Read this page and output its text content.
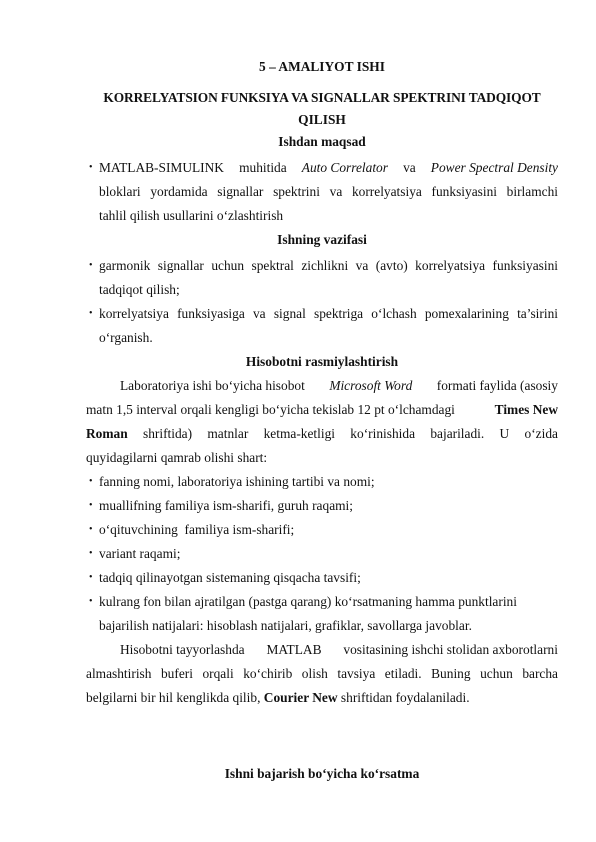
5 – AMALIYOT ISHI
KORRELYATSION FUNKSIYA VA SIGNALLAR SPEKTRINI TADQIQOT
QILISH
Ishdan maqsad
• MATLAB-SIMULINK muhitida Auto Correlator va Power Spectral Density
bloklari yordamida signallar spektrini va korrelyatsiya funksiyasini birlamchi
tahlil qilish usullarini o‘zlashtirish
Ishning vazifasi
• garmonik signallar uchun spektral zichlikni va (avto) korrelyatsiya funksiyasini
tadqiqot qilish;
• korrelyatsiya funksiyasiga va signal spektriga o‘lchash pomexalarining ta’sirini
o‘rganish.
Hisobotni rasmiylashtirish
Laboratoriya ishi bo‘yicha hisobot Microsoft Word formati faylida (asosiy
matn 1,5 interval orqali kengligi bo‘yicha tekislab 12 pt o‘lchamdagi	Times New
Roman shriftida) matnlar ketma-ketligi ko‘rinishida bajariladi. U o‘zida
quyidagilarni qamrab olishi shart:
• fanning nomi, laboratoriya ishining tartibi va nomi;
• muallifning familiya ism-sharifi, guruh raqami;
• o‘qituvchining  familiya ism-sharifi;
• variant raqami;
• tadqiq qilinayotgan sistemaning qisqacha tavsifi;
• kulrang fon bilan ajratilgan (pastga qarang) ko‘rsatmaning hamma punktlarini
bajarilish natijalari: hisoblash natijalari, grafiklar, savollarga javoblar.
Hisobotni tayyorlashda MATLAB vositasining ishchi stolidan axborotlarni
almashtirish buferi orqali ko‘chirib olish tavsiya etiladi. Buning uchun barcha
belgilarni bir hil kenglikda qilib, Courier New shriftidan foydalaniladi.
Ishni bajarish bo‘yicha ko‘rsatma
